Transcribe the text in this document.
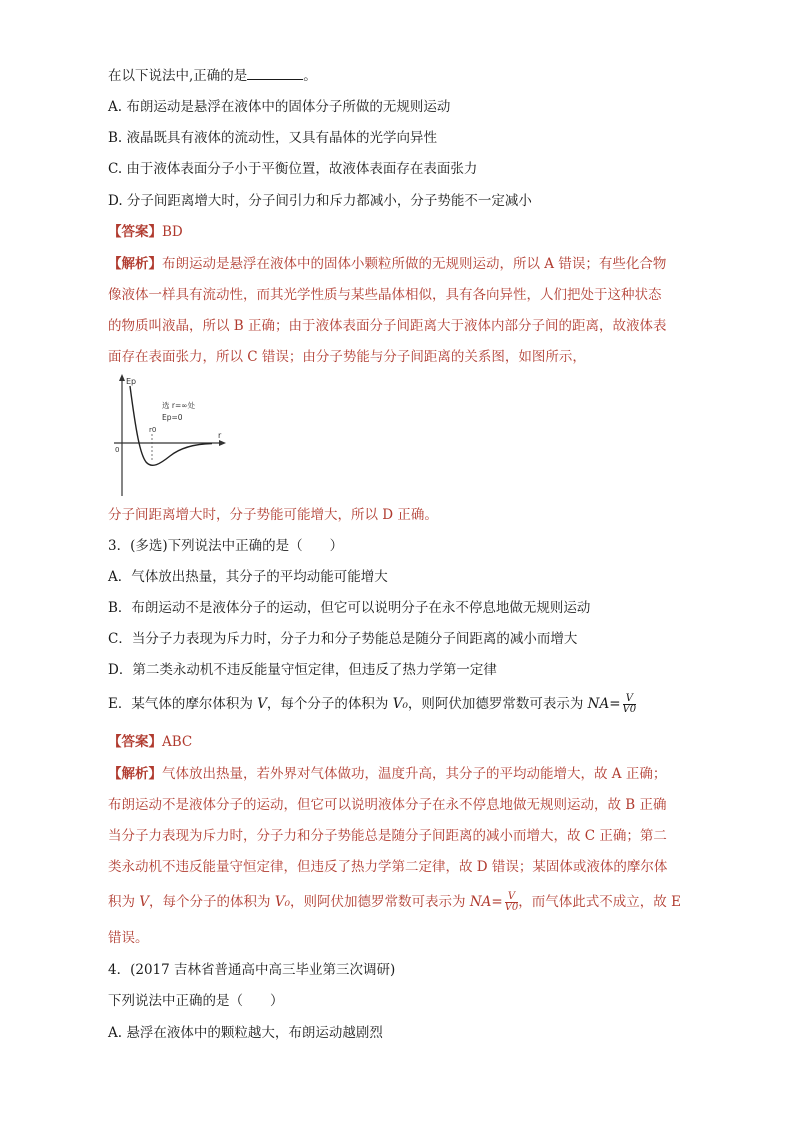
在以下说法中,正确的是	。
A. 布朗运动是悬浮在液体中的固体分子所做的无规则运动
B. 液晶既具有液体的流动性，又具有晶体的光学向异性
C. 由于液体表面分子小于平衡位置，故液体表面存在表面张力
D. 分子间距离增大时，分子间引力和斥力都减小，分子势能不一定减小
【答案】BD
【解析】布朗运动是悬浮在液体中的固体小颗粒所做的无规则运动，所以 A 错误；有些化合物
像液体一样具有流动性，而其光学性质与某些晶体相似，具有各向异性，人们把处于这种状态
的物质叫液晶，所以 B 正确；由于液体表面分子间距离大于液体内部分子间的距离，故液体表
面存在表面张力，所以 C 错误；由分子势能与分子间距离的关系图，如图所示，
Ep
r
0
r0
选 r=∞处
Ep=0
分子间距离增大时，分子势能可能增大，所以 D 正确。
3．(多选)下列说法中正确的是（　　）
A．气体放出热量，其分子的平均动能可能增大
B．布朗运动不是液体分子的运动，但它可以说明分子在永不停息地做无规则运动
C．当分子力表现为斥力时，分子力和分子势能总是随分子间距离的减小而增大
D．第二类永动机不违反能量守恒定律，但违反了热力学第一定律
E．某气体的摩尔体积为 V，每个分子的体积为 V₀，则阿伏加德罗常数可表示为 $NA= \frac{V}{V0}$
【答案】ABC
【解析】气体放出热量，若外界对气体做功，温度升高，其分子的平均动能增大，故 A 正确；
布朗运动不是液体分子的运动，但它可以说明液体分子在永不停息地做无规则运动，故 B 正确
当分子力表现为斥力时，分子力和分子势能总是随分子间距离的减小而增大，故 C 正确；第二
类永动机不违反能量守恒定律，但违反了热力学第二定律，故 D 错误；某固体或液体的摩尔体
积为 V，每个分子的体积为 V₀，则阿伏加德罗常数可表示为 $NA= \frac{V}{V0}$ ，而气体此式不成立，故 E
错误。
4．(2017 吉林省普通高中高三毕业第三次调研)
下列说法中正确的是（　　）
A. 悬浮在液体中的颗粒越大，布朗运动越剧烈
